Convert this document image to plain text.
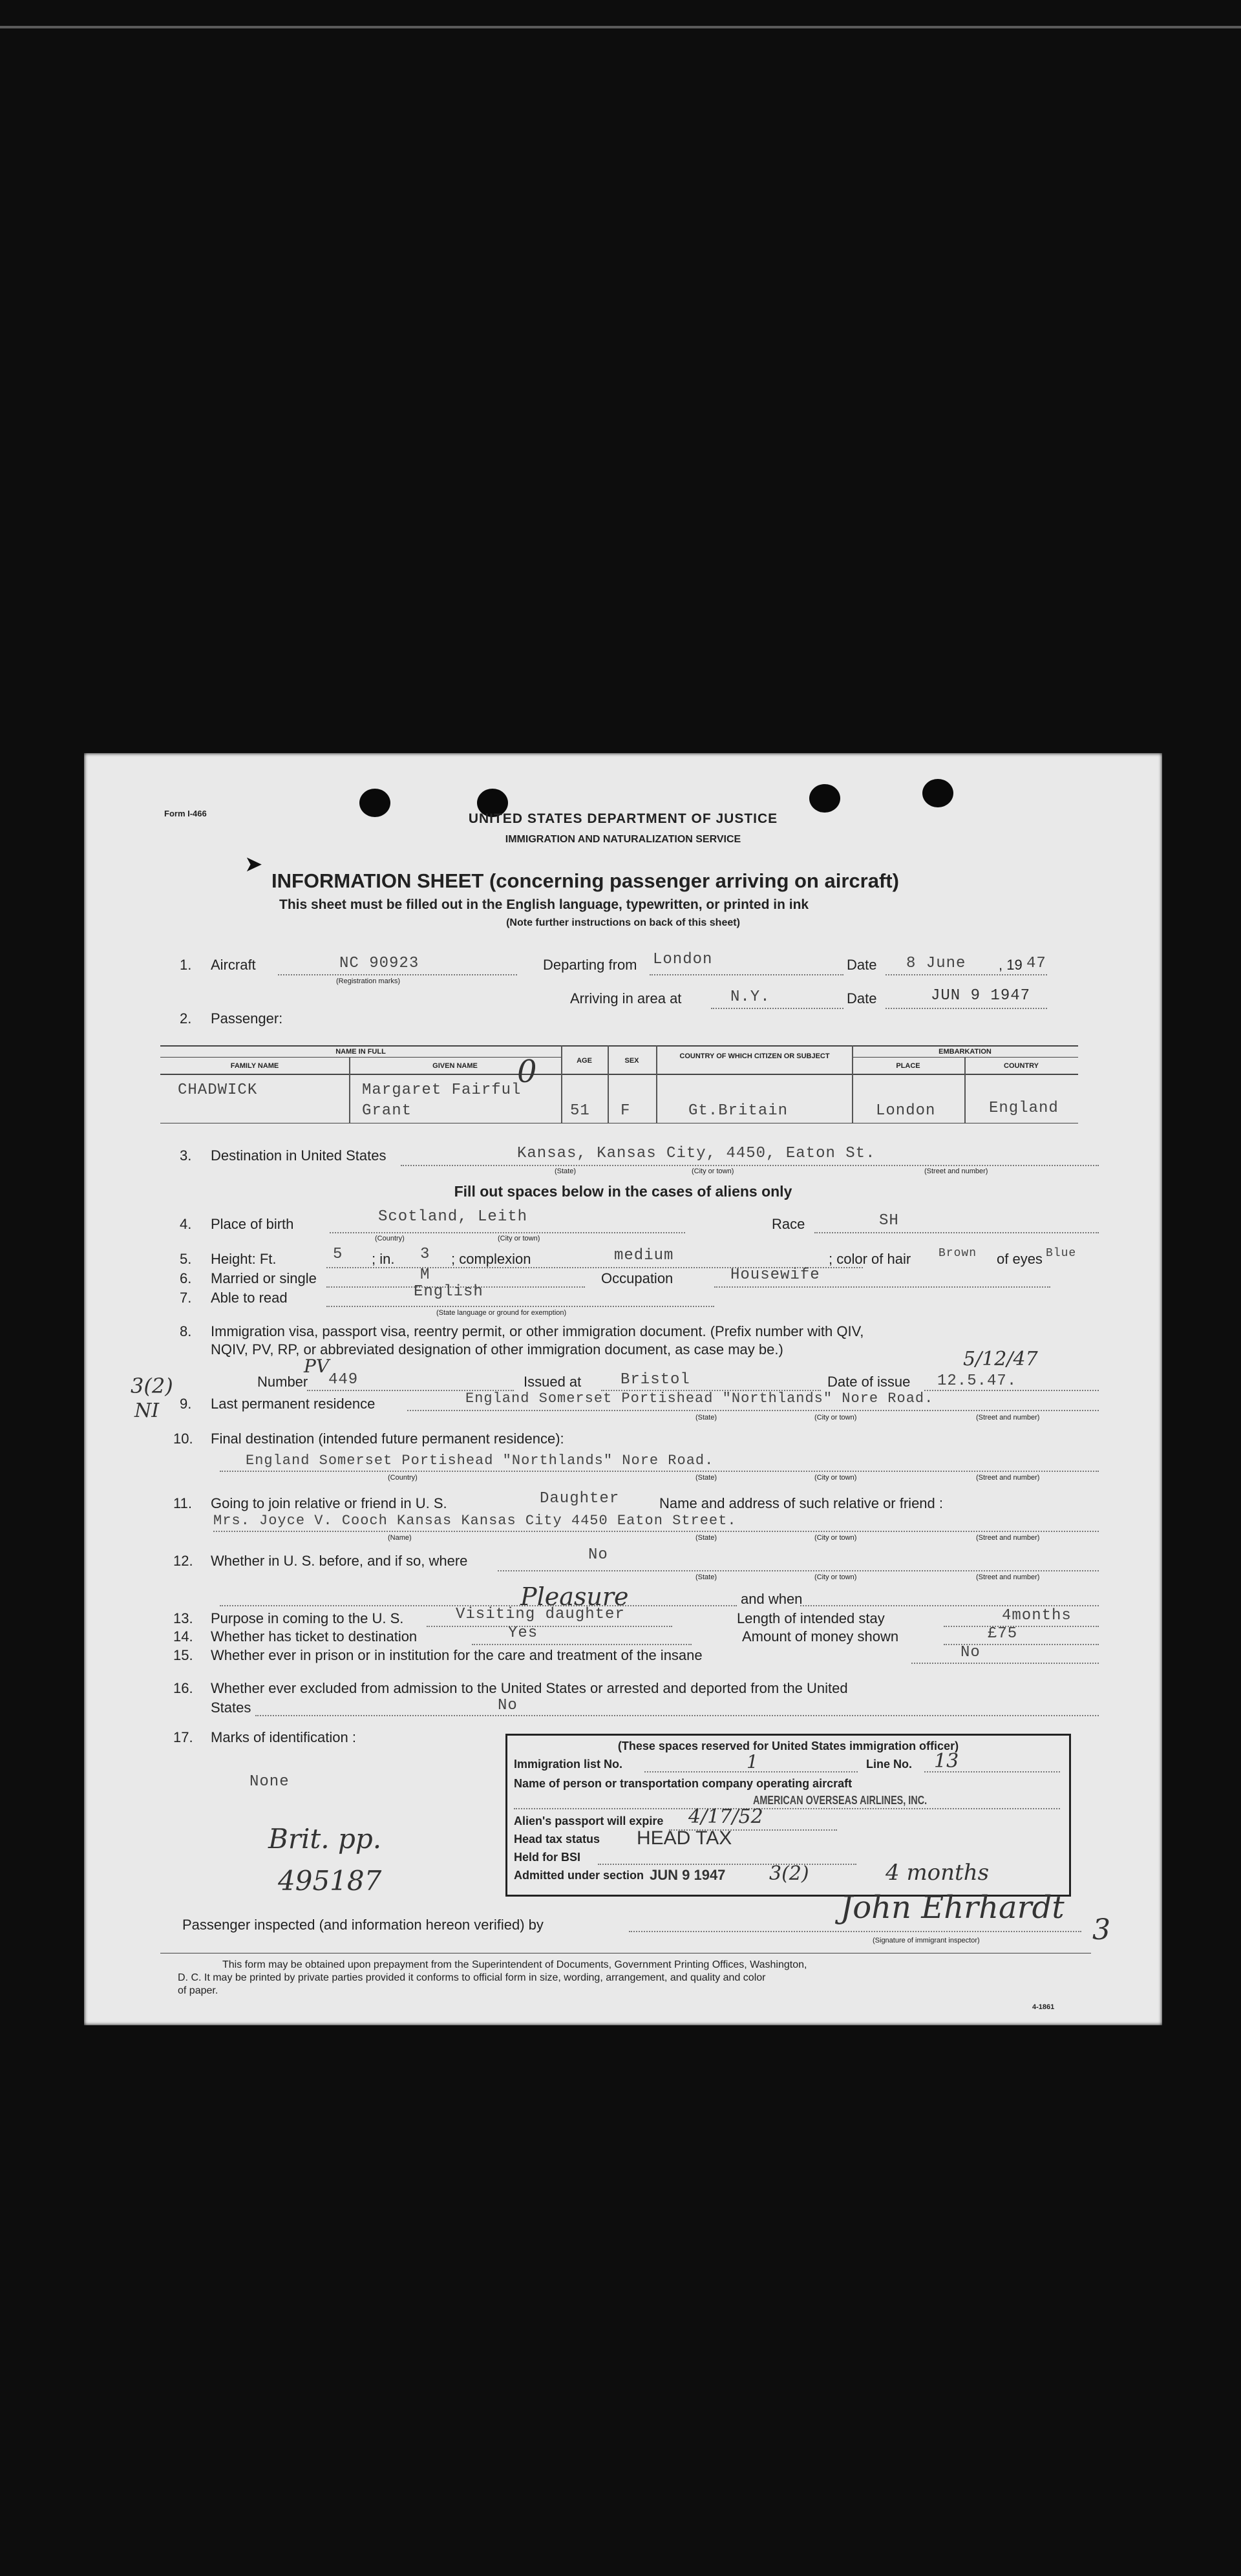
Form I-466	UNITED STATES DEPARTMENT OF JUSTICE
IMMIGRATION AND NATURALIZATION SERVICE
➤
INFORMATION SHEET (concerning passenger arriving on aircraft)
This sheet must be filled out in the English language, typewritten, or printed in ink
(Note further instructions on back of this sheet)
1. Aircraft	NC 90923
(Registration marks)
Departing from London	Date 8 June , 19 47
Arriving in area at	N.Y.	Date	JUN 9 1947
2. Passenger:
NAME IN FULL
FAMILY NAME	GIVEN NAME
AGE	SEX
COUNTRY OF WHICH CITIZEN OR SUBJECT
EMBARKATION
PLACE	COUNTRY
CHADWICK	Margaret Fairful
Grant
0
51 F	Gt.Britain	London	England
3. Destination in United States	Kansas, Kansas City, 4450, Eaton St.
(State)	(City or town)	(Street and number)
Fill out spaces below in the cases of aliens only
4. Place of birth	Scotland, Leith
(Country)	(City or town)
Race	SH
5. Height: Ft.	5 ; in. 3 ; complexion	medium	; color of hair Brown of eyes Blue
6. Married or single	M	Occupation	Housewife
7. Able to read	English
(State language or ground for exemption)
8. Immigration visa, passport visa, reentry permit, or other immigration document. (Prefix number with QIV,
NQIV, PV, RP, or abbreviated designation of other immigration document, as case may be.)
Number
PV
449	Issued at	Bristol	Date of issue 12.5.47.
5/12/47
3(2)
NI 9. Last permanent residence	England Somerset Portishead "Northlands" Nore Road.
(State)	(City or town)	(Street and number)
10. Final destination (intended future permanent residence):
England Somerset Portishead "Northlands" Nore Road.
(Country)	(State)	(City or town)	(Street and number)
11. Going to join relative or friend in U. S.	Daughter	Name and address of such relative or friend :
Mrs. Joyce V. Cooch Kansas Kansas City 4450 Eaton Street.
(Name)	(State)	(City or town)	(Street and number)
12. Whether in U. S. before, and if so, where	No
(State)	(City or town)	(Street and number)
Pleasure	and when
13. Purpose in coming to the U. S.	Visiting daughter	Length of intended stay	4months
14. Whether has ticket to destination	Yes	Amount of money shown	£75
15. Whether ever in prison or in institution for the care and treatment of the insane	No
16. Whether ever excluded from admission to the United States or arrested and deported from the United
States	No
17. Marks of identification :
None
Brit. pp.
495187
(These spaces reserved for United States immigration officer)
Immigration list No.	1	Line No. 13
Name of person or transportation company operating aircraft
AMERICAN OVERSEAS AIRLINES, INC.
Alien's passport will expire 4/17/52
Head tax status HEAD TAX
Held for BSI
Admitted under section JUN 9 1947 3(2)	4 months
Passenger inspected (and information hereon verified) by	John Ehrhardt
(Signature of immigrant inspector)	3
This form may be obtained upon prepayment from the Superintendent of Documents, Government Printing Offices, Washington,
D. C. It may be printed by private parties provided it conforms to official form in size, wording, arrangement, and quality and color
of paper.
4-1861
